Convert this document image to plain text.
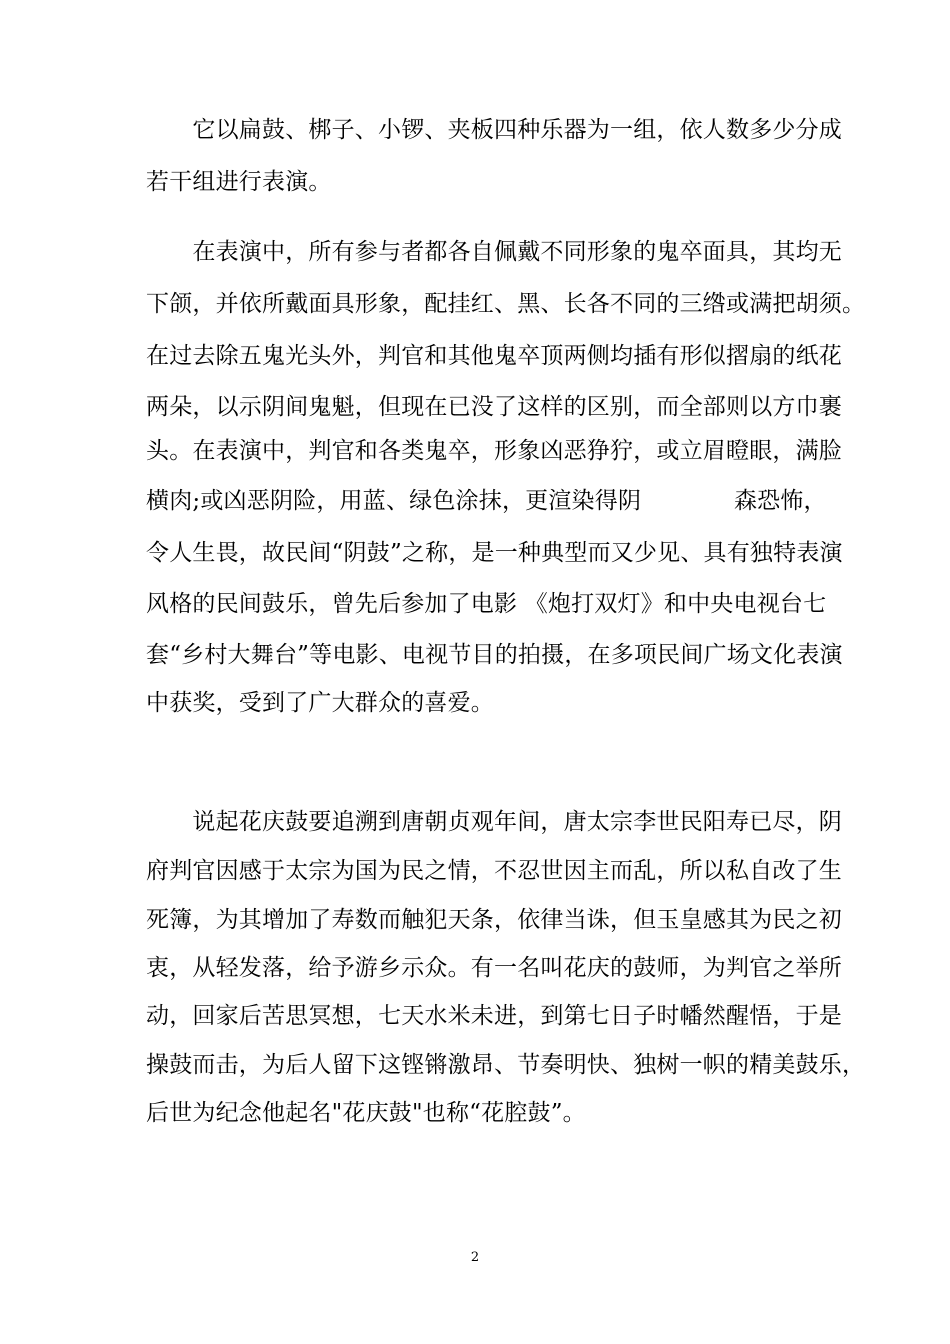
　　它以扁鼓、梆子、小锣、夹板四种乐器为一组，依人数多少分成
若干组进行表演。
　　在表演中，所有参与者都各自佩戴不同形象的鬼卒面具，其均无
下颌，并依所戴面具形象，配挂红、黑、长各不同的三绺或满把胡须。
在过去除五鬼光头外，判官和其他鬼卒顶两侧均插有形似摺扇的纸花
两朵，以示阴间鬼魁，但现在已没了这样的区别，而全部则以方巾裹
头。在表演中，判官和各类鬼卒，形象凶恶狰狞，或立眉瞪眼，满脸
横肉;或凶恶阴险，用蓝、绿色涂抹，更渲染得阴　　　　森恐怖，
令人生畏，故民间“阴鼓”之称，是一种典型而又少见、具有独特表演
风格的民间鼓乐，曾先后参加了电影 《炮打双灯》和中央电视台七
套“乡村大舞台”等电影、电视节目的拍摄，在多项民间广场文化表演
中获奖，受到了广大群众的喜爱。
　　说起花庆鼓要追溯到唐朝贞观年间，唐太宗李世民阳寿已尽，阴
府判官因感于太宗为国为民之情，不忍世因主而乱，所以私自改了生
死簿，为其增加了寿数而触犯天条，依律当诛，但玉皇感其为民之初
衷，从轻发落，给予游乡示众。有一名叫花庆的鼓师，为判官之举所
动，回家后苦思冥想，七天水米未进，到第七日子时幡然醒悟，于是
操鼓而击，为后人留下这铿锵激昂、节奏明快、独树一帜的精美鼓乐，
后世为纪念他起名"花庆鼓"也称“花腔鼓”。
2
